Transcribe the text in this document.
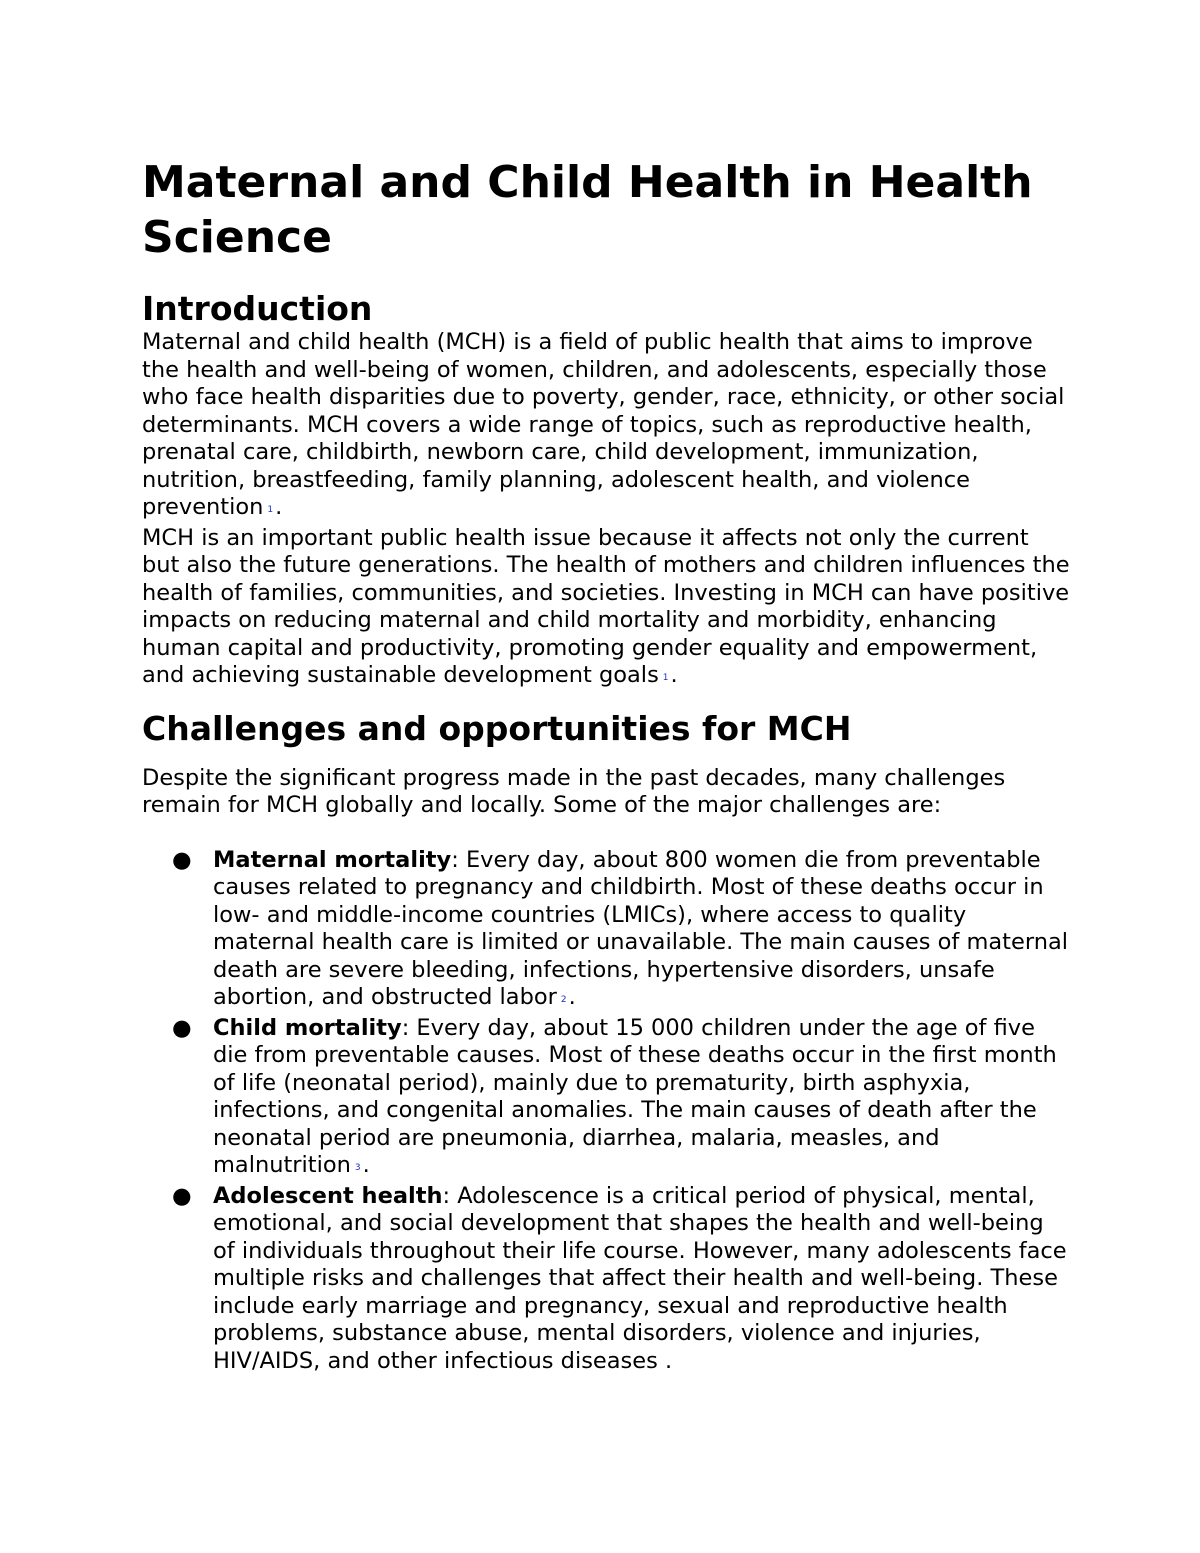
Maternal and Child Health in Health Science
Introduction

Maternal and child health (MCH) is a field of public health that aims to improve the health and well-being of women, children, and adolescents, especially those who face health disparities due to poverty, gender, race, ethnicity, or other social determinants. MCH covers a wide range of topics, such as reproductive health, prenatal care, childbirth, newborn care, child development, immunization, nutrition, breastfeeding, family planning, adolescent health, and violence prevention $^1$.

MCH is an important public health issue because it affects not only the current but also the future generations. The health of mothers and children influences the health of families, communities, and societies. Investing in MCH can have positive impacts on reducing maternal and child mortality and morbidity, enhancing human capital and productivity, promoting gender equality and empowerment, and achieving sustainable development goals $^1$.

Challenges and opportunities for MCH

Despite the significant progress made in the past decades, many challenges remain for MCH globally and locally. Some of the major challenges are:

● Maternal mortality: Every day, about 800 women die from preventable causes related to pregnancy and childbirth. Most of these deaths occur in low- and middle-income countries (LMICs), where access to quality maternal health care is limited or unavailable. The main causes of maternal death are severe bleeding, infections, hypertensive disorders, unsafe abortion, and obstructed labor $^2$.
● Child mortality: Every day, about 15 000 children under the age of five die from preventable causes. Most of these deaths occur in the first month of life (neonatal period), mainly due to prematurity, birth asphyxia, infections, and congenital anomalies. The main causes of death after the neonatal period are pneumonia, diarrhea, malaria, measles, and malnutrition $^3$.
● Adolescent health: Adolescence is a critical period of physical, mental, emotional, and social development that shapes the health and well-being of individuals throughout their life course. However, many adolescents face multiple risks and challenges that affect their health and well-being. These include early marriage and pregnancy, sexual and reproductive health problems, substance abuse, mental disorders, violence and injuries, HIV/AIDS, and other infectious diseases .
